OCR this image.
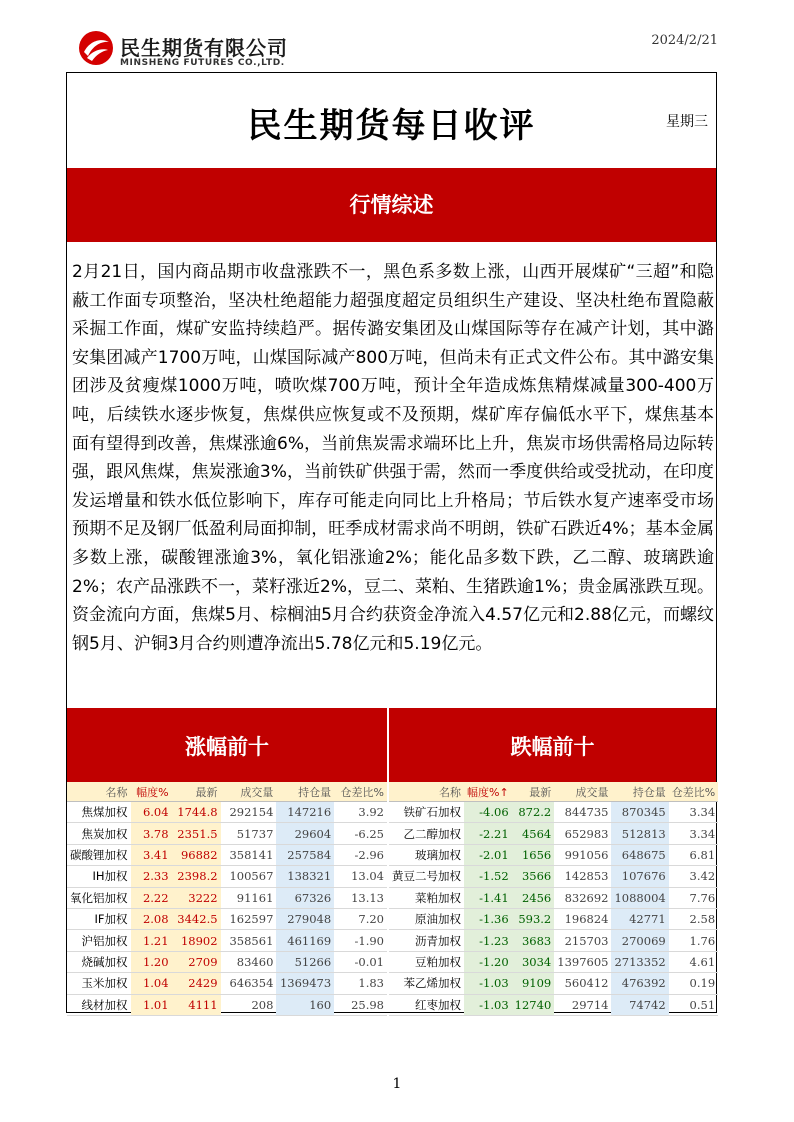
民生期货有限公司
MINSHENG FUTURES CO.,LTD.
2024/2/21
民生期货每日收评	星期三
行情综述
2月21日，国内商品期市收盘涨跌不一，黑色系多数上涨，山西开展煤矿“三超”和隐蔽工作面专项整治，坚决杜绝超能力超强度超定员组织生产建设、坚决杜绝布置隐蔽采掘工作面，煤矿安监持续趋严。据传潞安集团及山煤国际等存在减产计划，其中潞安集团减产1700万吨，山煤国际减产800万吨，但尚未有正式文件公布。其中潞安集团涉及贫瘦煤1000万吨，喷吹煤700万吨，预计全年造成炼焦精煤减量300-400万吨，后续铁水逐步恢复，焦煤供应恢复或不及预期，煤矿库存偏低水平下，煤焦基本面有望得到改善，焦煤涨逾6%，当前焦炭需求端环比上升，焦炭市场供需格局边际转强，跟风焦煤，焦炭涨逾3%，当前铁矿供强于需，然而一季度供给或受扰动，在印度发运增量和铁水低位影响下，库存可能走向同比上升格局；节后铁水复产速率受市场预期不足及钢厂低盈利局面抑制，旺季成材需求尚不明朗，铁矿石跌近4%；基本金属多数上涨，碳酸锂涨逾3%，氧化铝涨逾2%；能化品多数下跌，乙二醇、玻璃跌逾2%；农产品涨跌不一，菜籽涨近2%，豆二、菜粕、生猪跌逾1%；贵金属涨跌互现。资金流向方面，焦煤5月、棕榈油5月合约获资金净流入4.57亿元和2.88亿元，而螺纹钢5月、沪铜3月合约则遭净流出5.78亿元和5.19亿元。
涨幅前十	跌幅前十
名称	幅度%	最新	成交量	持仓量	仓差比%
焦煤加权	6.04	1744.8	292154	147216	3.92
焦炭加权	3.78	2351.5	51737	29604	-6.25
碳酸锂加权	3.41	96882	358141	257584	-2.96
IH加权	2.33	2398.2	100567	138321	13.04
氧化铝加权	2.22	3222	91161	67326	13.13
IF加权	2.08	3442.5	162597	279048	7.20
沪铝加权	1.21	18902	358561	461169	-1.90
烧碱加权	1.20	2709	83460	51266	-0.01
玉米加权	1.04	2429	646354	1369473	1.83
线材加权	1.01	4111	208	160	25.98
名称	幅度%↑	最新	成交量	持仓量	仓差比%
铁矿石加权	-4.06	872.2	844735	870345	3.34
乙二醇加权	-2.21	4564	652983	512813	3.34
玻璃加权	-2.01	1656	991056	648675	6.81
黄豆二号加权	-1.52	3566	142853	107676	3.42
菜粕加权	-1.41	2456	832692	1088004	7.76
原油加权	-1.36	593.2	196824	42771	2.58
沥青加权	-1.23	3683	215703	270069	1.76
豆粕加权	-1.20	3034	1397605	2713352	4.61
苯乙烯加权	-1.03	9109	560412	476392	0.19
红枣加权	-1.03	12740	29714	74742	0.51
1
